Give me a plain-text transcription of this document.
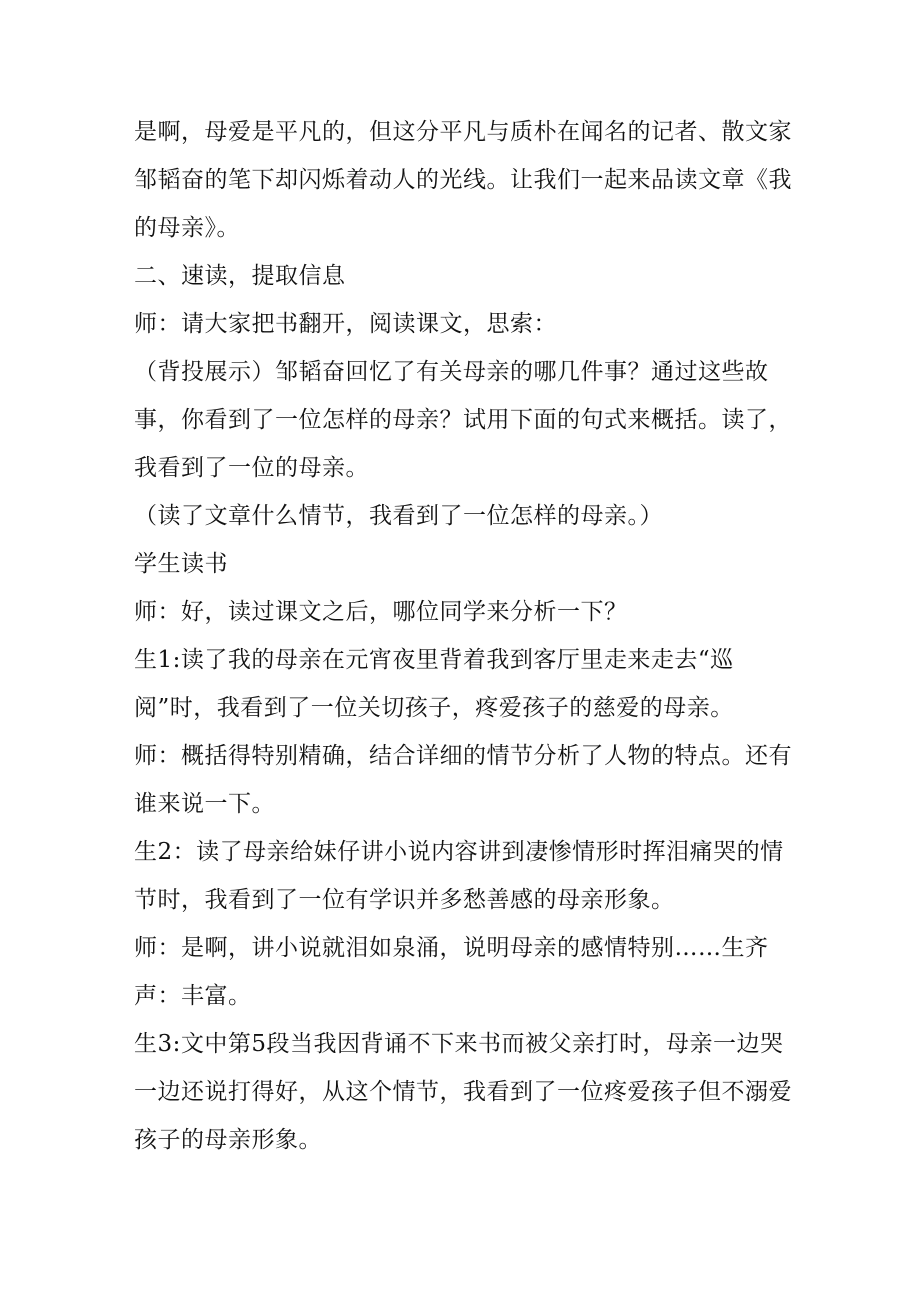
是啊，母爱是平凡的，但这分平凡与质朴在闻名的记者、散文家邹韬奋的笔下却闪烁着动人的光线。让我们一起来品读文章《我的母亲》。

二、速读，提取信息

师：请大家把书翻开，阅读课文，思索：

（背投展示）邹韬奋回忆了有关母亲的哪几件事？通过这些故事，你看到了一位怎样的母亲？试用下面的句式来概括。读了，我看到了一位的母亲。

（读了文章什么情节，我看到了一位怎样的母亲。）

学生读书

师：好，读过课文之后，哪位同学来分析一下？

生1:读了我的母亲在元宵夜里背着我到客厅里走来走去“巡阅”时，我看到了一位关切孩子，疼爱孩子的慈爱的母亲。

师：概括得特别精确，结合详细的情节分析了人物的特点。还有谁来说一下。

生2：读了母亲给妹仔讲小说内容讲到凄惨情形时挥泪痛哭的情节时，我看到了一位有学识并多愁善感的母亲形象。

师：是啊，讲小说就泪如泉涌，说明母亲的感情特别……生齐声：丰富。

生3:文中第5段当我因背诵不下来书而被父亲打时，母亲一边哭一边还说打得好，从这个情节，我看到了一位疼爱孩子但不溺爱孩子的母亲形象。
